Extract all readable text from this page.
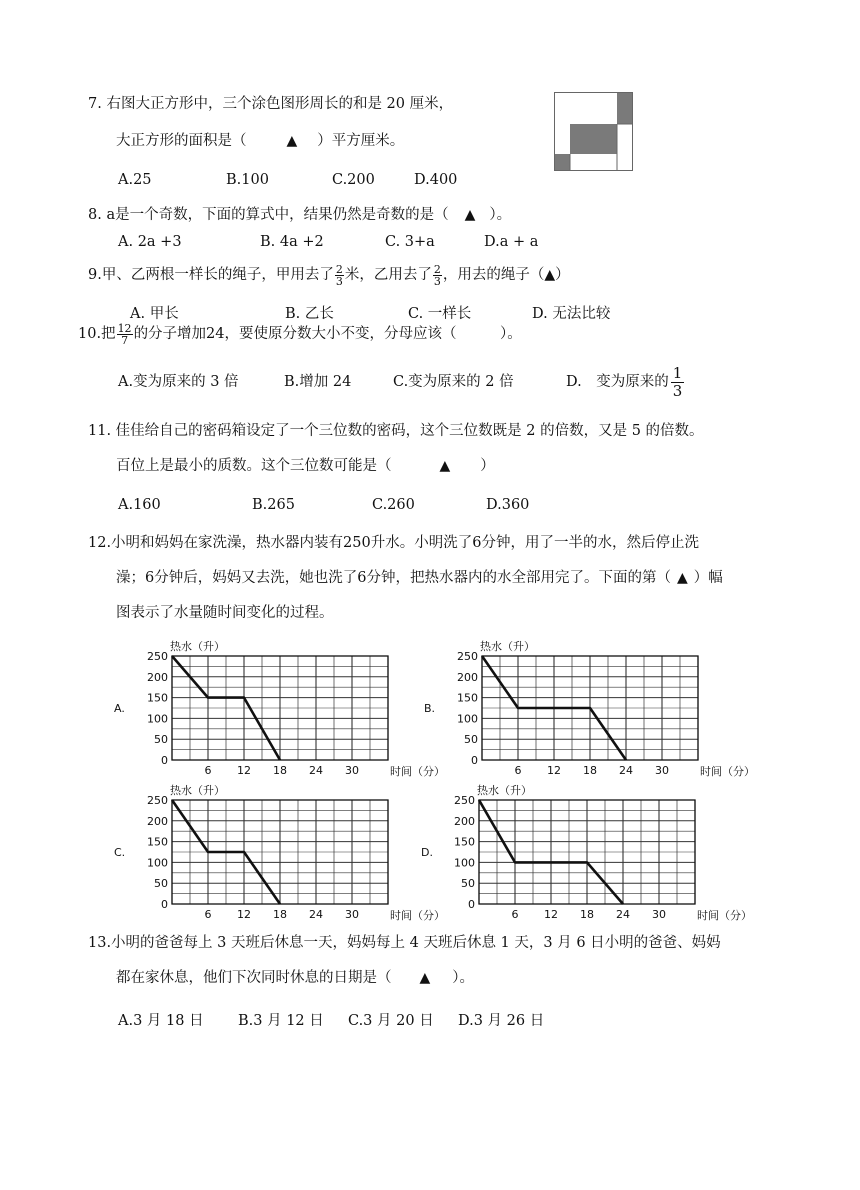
7. 右图大正方形中，三个涂色图形周长的和是 20 厘米，
大正方形的面积是（	▲ ）平方厘米。
A.25	B.100	C.200	D.400
8. a是一个奇数，下面的算式中，结果仍然是奇数的是（ ▲ ）。
A. 2a +3	B. 4a +2	C. 3+a	D.a + a
9.甲、乙两根一样长的绳子，甲用去了 $\frac{2}{3}$ 米，乙用去了 $\frac{2}{3}$ ，用去的绳子（▲）
A. 甲长	B. 乙长	C. 一样长	D. 无法比较
10.把 $\frac{12}{7}$ 的分子增加24，要使原分数大小不变，分母应该（　　　）。
A.变为原来的 3 倍	B.增加 24	C.变为原来的 2 倍	D.　变为原来的 $\frac{1}{3}$
11. 佳佳给自己的密码箱设定了一个三位数的密码，这个三位数既是 2 的倍数，又是 5 的倍数。
百位上是最小的质数。这个三位数可能是（	▲ ）
A.160	B.265	C.260	D.360
12.小明和妈妈在家洗澡，热水器内装有250升水。小明洗了6分钟，用了一半的水，然后停止洗
澡；6分钟后，妈妈又去洗，她也洗了6分钟，把热水器内的水全部用完了。下面的第（ ▲ ）幅
图表示了水量随时间变化的过程。
A.
热水（升）
0
50
100
150
200
250
6 12 18 24 30	时间（分）
B.
热水（升）
0
50
100
150
200
250
6 12 18 24 30	时间（分）
C.
热水（升）
0
50
100
150
200
250
6 12 18 24 30	时间（分）
D.
热水（升）
0
50
100
150
200
250
6 12 18 24 30	时间（分）
13.小明的爸爸每上 3 天班后休息一天，妈妈每上 4 天班后休息 1 天，3 月 6 日小明的爸爸、妈妈
都在家休息，他们下次同时休息的日期是（ ▲ ）。
A.3 月 18 日 B.3 月 12 日 C.3 月 20 日 D.3 月 26 日
